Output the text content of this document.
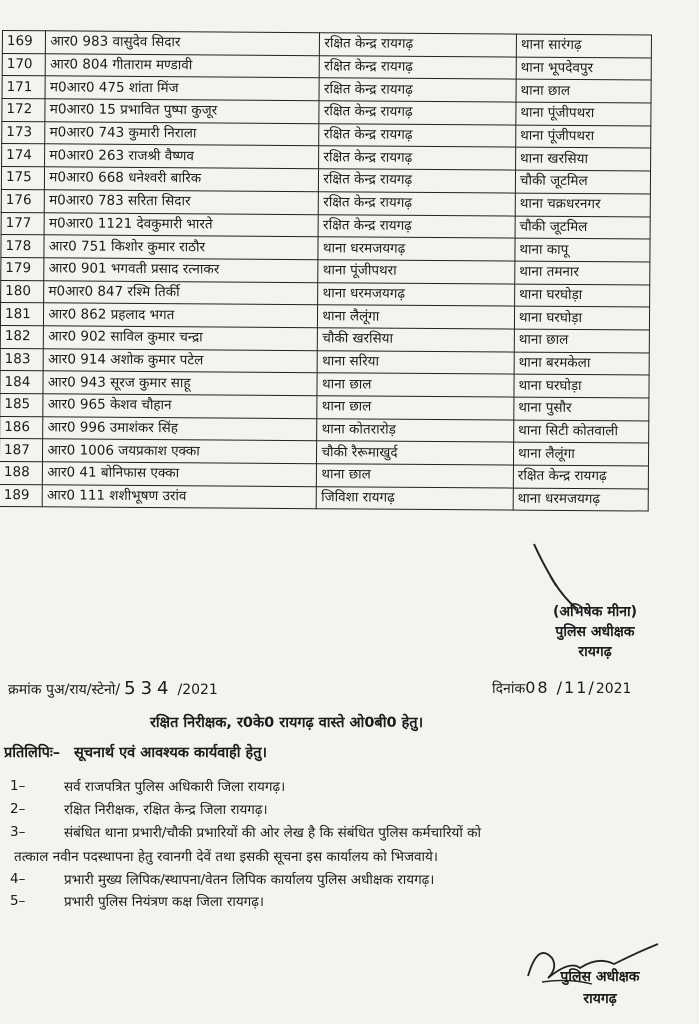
169	आर0 983 वासुदेव सिदार	रक्षित केन्द्र रायगढ़	थाना सारंगढ़
170	आर0 804 गीताराम मण्डावी	रक्षित केन्द्र रायगढ़	थाना भूपदेवपुर
171	म0आर0 475 शांता मिंज	रक्षित केन्द्र रायगढ़	थाना छाल
172	म0आर0 15 प्रभावित पुष्पा कुजूर	रक्षित केन्द्र रायगढ़	थाना पूंजीपथरा
173	म0आर0 743 कुमारी निराला	रक्षित केन्द्र रायगढ़	थाना पूंजीपथरा
174	म0आर0 263 राजश्री वैष्णव	रक्षित केन्द्र रायगढ़	थाना खरसिया
175	म0आर0 668 धनेश्वरी बारिक	रक्षित केन्द्र रायगढ़	चौकी जूटमिल
176	म0आर0 783 सरिता सिदार	रक्षित केन्द्र रायगढ़	थाना चक्रधरनगर
177	म0आर0 1121 देवकुमारी भारते	रक्षित केन्द्र रायगढ़	चौकी जूटमिल
178	आर0 751 किशोर कुमार राठौर	थाना धरमजयगढ़	थाना कापू
179	आर0 901 भगवती प्रसाद रत्नाकर	थाना पूंजीपथरा	थाना तमनार
180	म0आर0 847 रश्मि तिर्की	थाना धरमजयगढ़	थाना घरघोड़ा
181	आर0 862 प्रहलाद भगत	थाना लैलूंगा	थाना घरघोड़ा
182	आर0 902 साविल कुमार चन्द्रा	चौकी खरसिया	थाना छाल
183	आर0 914 अशोक कुमार पटेल	थाना सरिया	थाना बरमकेला
184	आर0 943 सूरज कुमार साहू	थाना छाल	थाना घरघोड़ा
185	आर0 965 केशव चौहान	थाना छाल	थाना पुसौर
186	आर0 996 उमाशंकर सिंह	थाना कोतरारोड़	थाना सिटी कोतवाली
187	आर0 1006 जयप्रकाश एक्का	चौकी रैरूमाखुर्द	थाना लैलूंगा
188	आर0 41 बोनिफास एक्का	थाना छाल	रक्षित केन्द्र रायगढ़
189	आर0 111 शशीभूषण उरांव	जिविशा रायगढ़	थाना धरमजयगढ़
(अभिषेक मीना)
पुलिस अधीक्षक
रायगढ़
क्रमांक पुअ/राय/स्टेनो/ 534 /2021	दिनांक08 /11/2021
रक्षित निरीक्षक, र0के0 रायगढ़ वास्ते ओ0बी0 हेतु।
प्रतिलिपिः– सूचनार्थ एवं आवश्यक कार्यवाही हेतु।
1–	सर्व राजपत्रित पुलिस अधिकारी जिला रायगढ़।
2–	रक्षित निरीक्षक, रक्षित केन्द्र जिला रायगढ़।
3–	संबंधित थाना प्रभारी/चौकी प्रभारियों की ओर लेख है कि संबंधित पुलिस कर्मचारियों को
तत्काल नवीन पदस्थापना हेतु रवानगी देवें तथा इसकी सूचना इस कार्यालय को भिजवाये।
4–	प्रभारी मुख्य लिपिक/स्थापना/वेतन लिपिक कार्यालय पुलिस अधीक्षक रायगढ़।
5–	प्रभारी पुलिस नियंत्रण कक्ष जिला रायगढ़।
पुलिस अधीक्षक
रायगढ़
